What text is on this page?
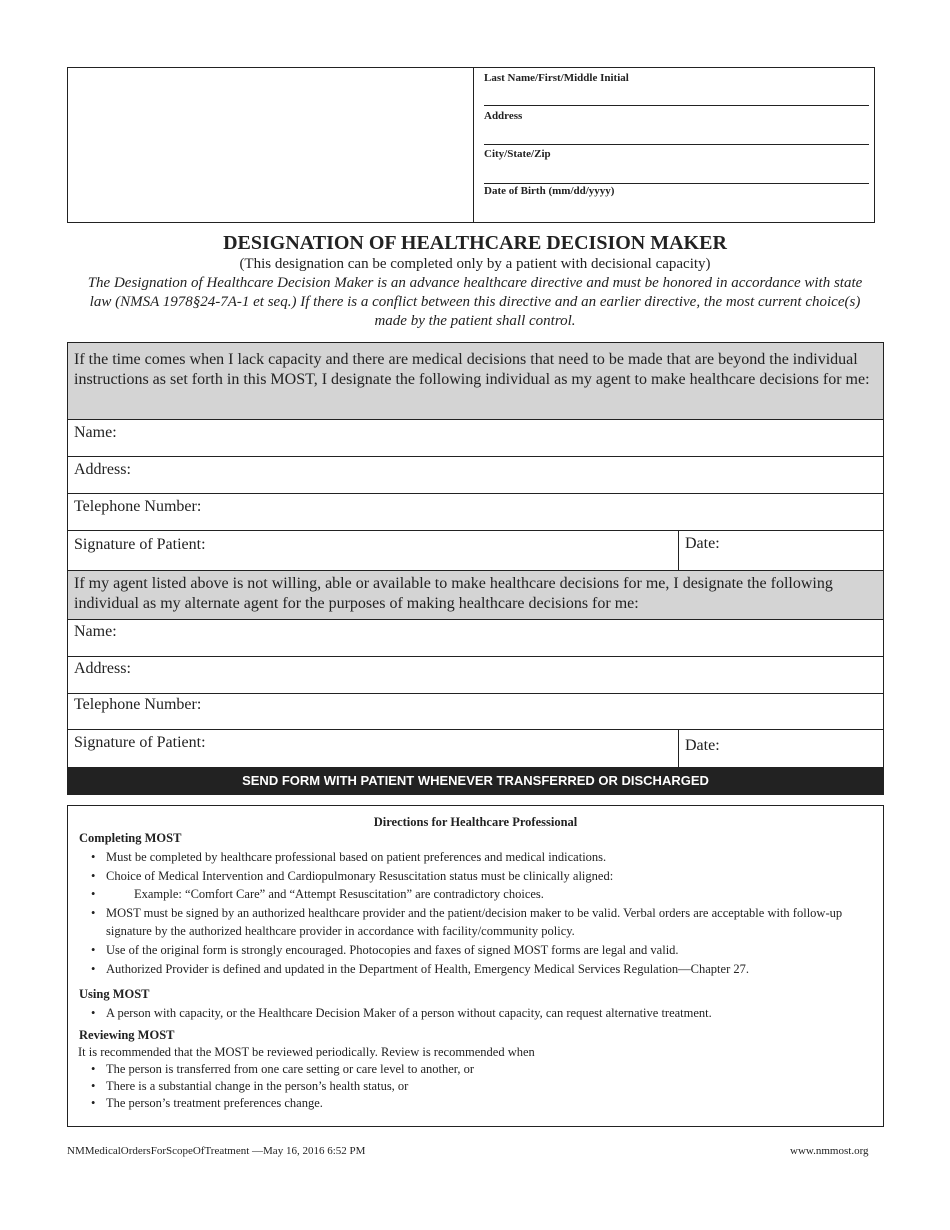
Last Name/First/Middle Initial
Address
City/State/Zip
Date of Birth (mm/dd/yyyy)
DESIGNATION OF HEALTHCARE DECISION MAKER
(This designation can be completed only by a patient with decisional capacity)
The Designation of Healthcare Decision Maker is an advance healthcare directive and must be honored in accordance with state law (NMSA 1978§24-7A-1 et seq.) If there is a conflict between this directive and an earlier directive, the most current choice(s) made by the patient shall control.
If the time comes when I lack capacity and there are medical decisions that need to be made that are beyond the individual instructions as set forth in this MOST, I designate the following individual as my agent to make healthcare decisions for me:
Name:
Address:
Telephone Number:
Signature of Patient:	Date:
If my agent listed above is not willing, able or available to make healthcare decisions for me, I designate the following individual as my alternate agent for the purposes of making healthcare decisions for me:
Name:
Address:
Telephone Number:
Signature of Patient:	Date:
SEND FORM WITH PATIENT WHENEVER TRANSFERRED OR DISCHARGED
Directions for Healthcare Professional
Completing MOST
• Must be completed by healthcare professional based on patient preferences and medical indications.
• Choice of Medical Intervention and Cardiopulmonary Resuscitation status must be clinically aligned:
•	Example: “Comfort Care” and “Attempt Resuscitation” are contradictory choices.
• MOST must be signed by an authorized healthcare provider and the patient/decision maker to be valid. Verbal orders are acceptable with follow-up signature by the authorized healthcare provider in accordance with facility/community policy.
• Use of the original form is strongly encouraged. Photocopies and faxes of signed MOST forms are legal and valid.
• Authorized Provider is defined and updated in the Department of Health, Emergency Medical Services Regulation—Chapter 27.
Using MOST
• A person with capacity, or the Healthcare Decision Maker of a person without capacity, can request alternative treatment.
Reviewing MOST
It is recommended that the MOST be reviewed periodically. Review is recommended when
• The person is transferred from one care setting or care level to another, or
• There is a substantial change in the person’s health status, or
• The person’s treatment preferences change.
NMMedicalOrdersForScopeOfTreatment —May 16, 2016 6:52 PM	www.nmmost.org
